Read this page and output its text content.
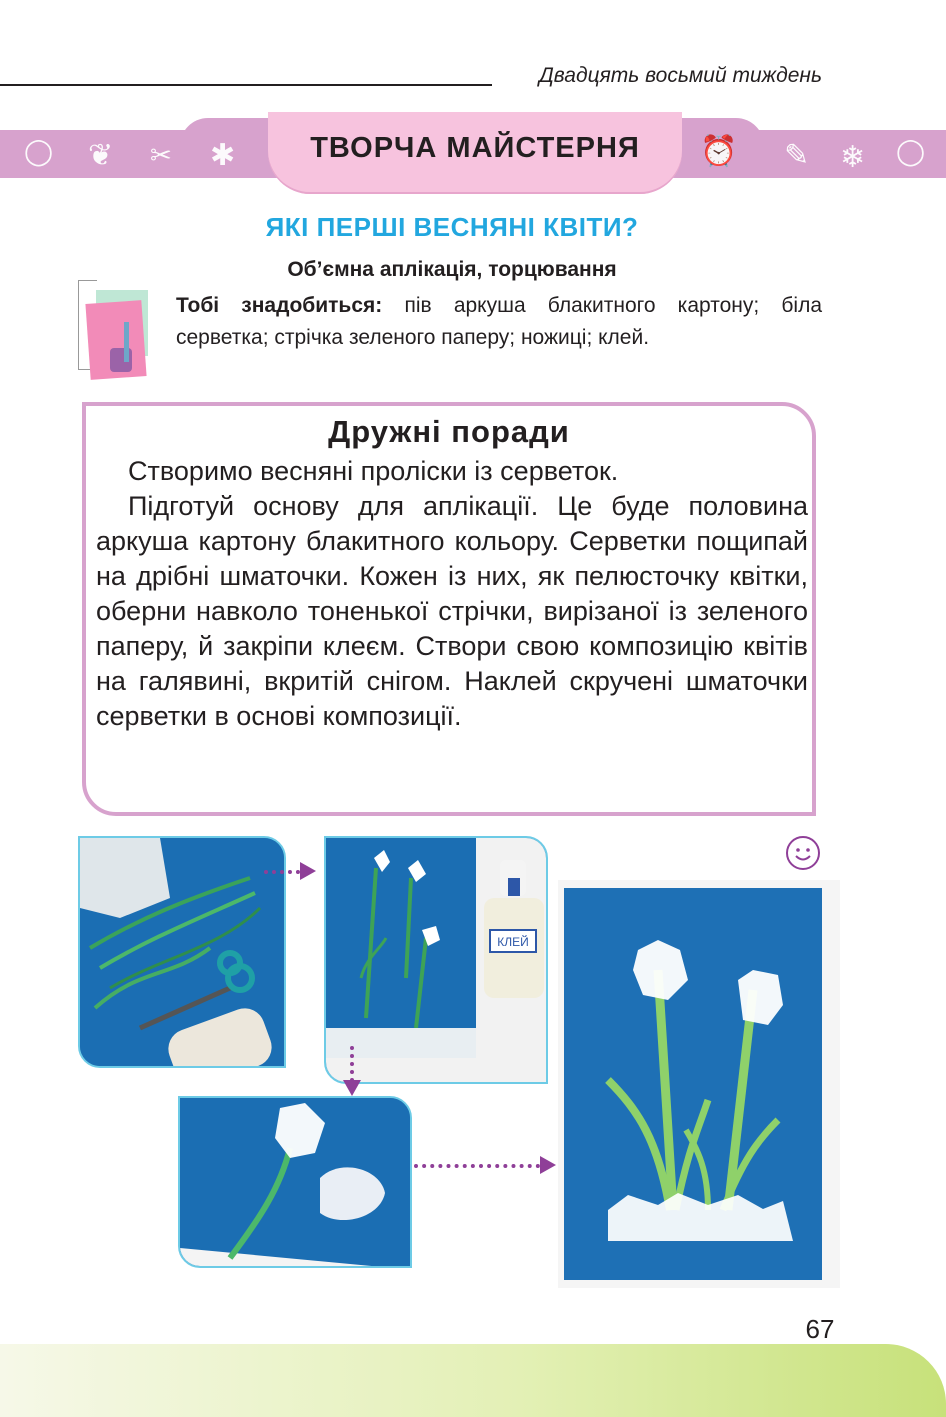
Двадцять восьмий тиждень
◯ ❦ ✂ ✱	ТВОРЧА МАЙСТЕРНЯ	⏰ ✎ ❄ ◯
ЯКІ ПЕРШІ ВЕСНЯНІ КВІТИ?
Об’ємна аплікація, торцювання
Тобі знадобиться: пів аркуша блакитного картону; біла серветка; стрічка зеленого паперу; ножиці; клей.
Дружні поради

Створимо весняні проліски із серветок.

Підготуй основу для аплікації. Це буде половина аркуша картону блакитного кольору. Серветки пощипай на дрібні шматочки. Кожен із них, як пелюсточку квітки, оберни навколо тоненької стрічки, вирізаної із зеленого паперу, й закріпи клеєм. Створи свою композицію квітів на галявині, вкритій снігом. Наклей скручені шматочки серветки в основі композиції.

КЛЕЙ
67
